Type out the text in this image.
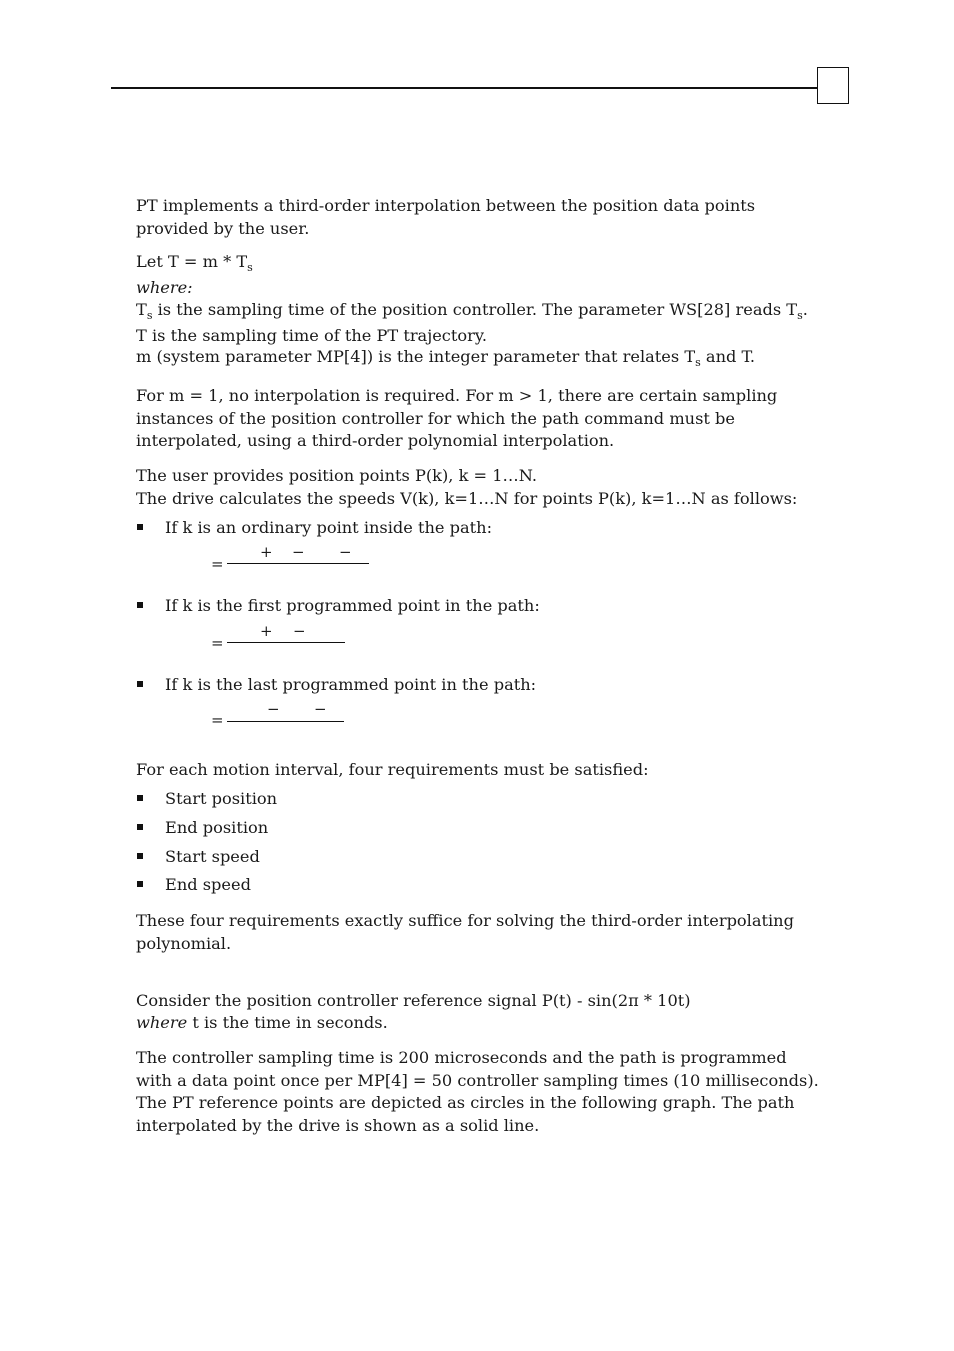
PT implements a third-order interpolation between the position data points provided by the user.
Let $T = m * T_s$
where:
$T_s$ is the sampling time of the position controller. The parameter WS[28] reads $T_s$.
T is the sampling time of the PT trajectory.
m (system parameter MP[4]) is the integer parameter that relates $T_s$ and T.
For m = 1, no interpolation is required. For m > 1, there are certain sampling instances of the position controller for which the path command must be interpolated, using a third-order polynomial interpolation.
The user provides position points P(k), k = 1…N.
The drive calculates the speeds V(k), k=1…N for points P(k), k=1…N as follows:
If k is an ordinary point inside the path:
=
+ − −
If k is the first programmed point in the path:
=
+ −
If k is the last programmed point in the path:
=
− −
For each motion interval, four requirements must be satisfied:
Start position
End position
Start speed
End speed
These four requirements exactly suffice for solving the third-order interpolating polynomial.
Consider the position controller reference signal P(t) - sin(2π * 10t)
where t is the time in seconds.
The controller sampling time is 200 microseconds and the path is programmed with a data point once per MP[4] = 50 controller sampling times (10 milliseconds). The PT reference points are depicted as circles in the following graph. The path interpolated by the drive is shown as a solid line.
